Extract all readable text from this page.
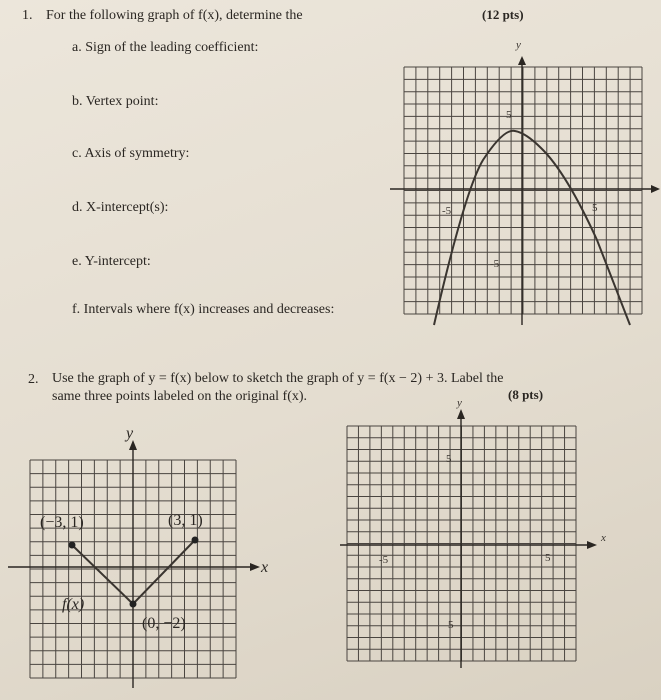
1. For the following graph of f(x), determine the	(12 pts)
a. Sign of the leading coefficient:
b. Vertex point:
c. Axis of symmetry:
d. X-intercept(s):
e. Y-intercept:
f. Intervals where f(x) increases and decreases:
2. Use the graph of y = f(x) below to sketch the graph of y = f(x − 2) + 3. Label the
same three points labeled on the original f(x).	(8 pts)
y
5
-5
-5	5
(−3, 1)	(3, 1)
(0, −2)
f(x)
y
x
y
x
5
5
-5	5
